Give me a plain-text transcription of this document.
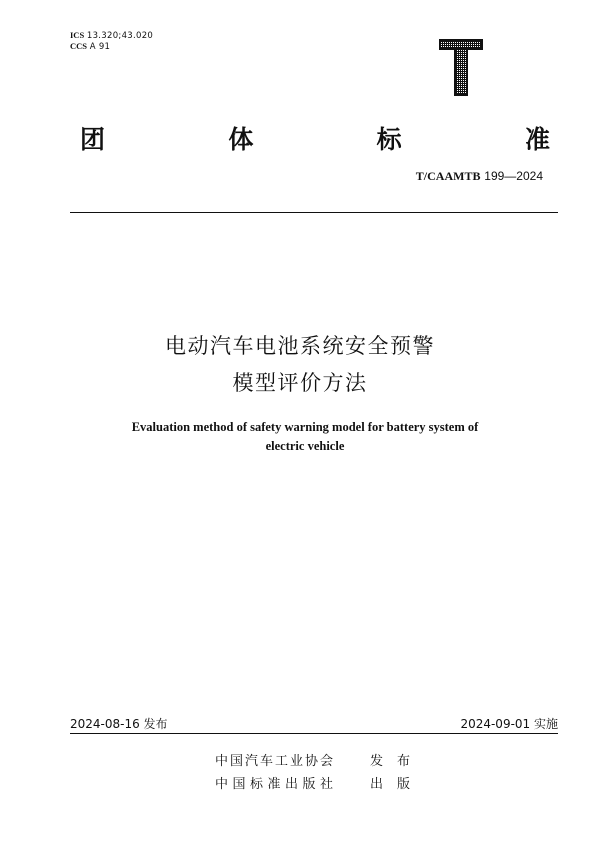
ICS 13.320;43.020
CCS A 91
团	体	标	准
T/CAAMTB 199—2024
电动汽车电池系统安全预警
模型评价方法
Evaluation method of safety warning model for battery system of
electric vehicle
2024-08-16 发布	2024-09-01 实施
中国汽车工业协会	发布
中国标准出版社 出版
